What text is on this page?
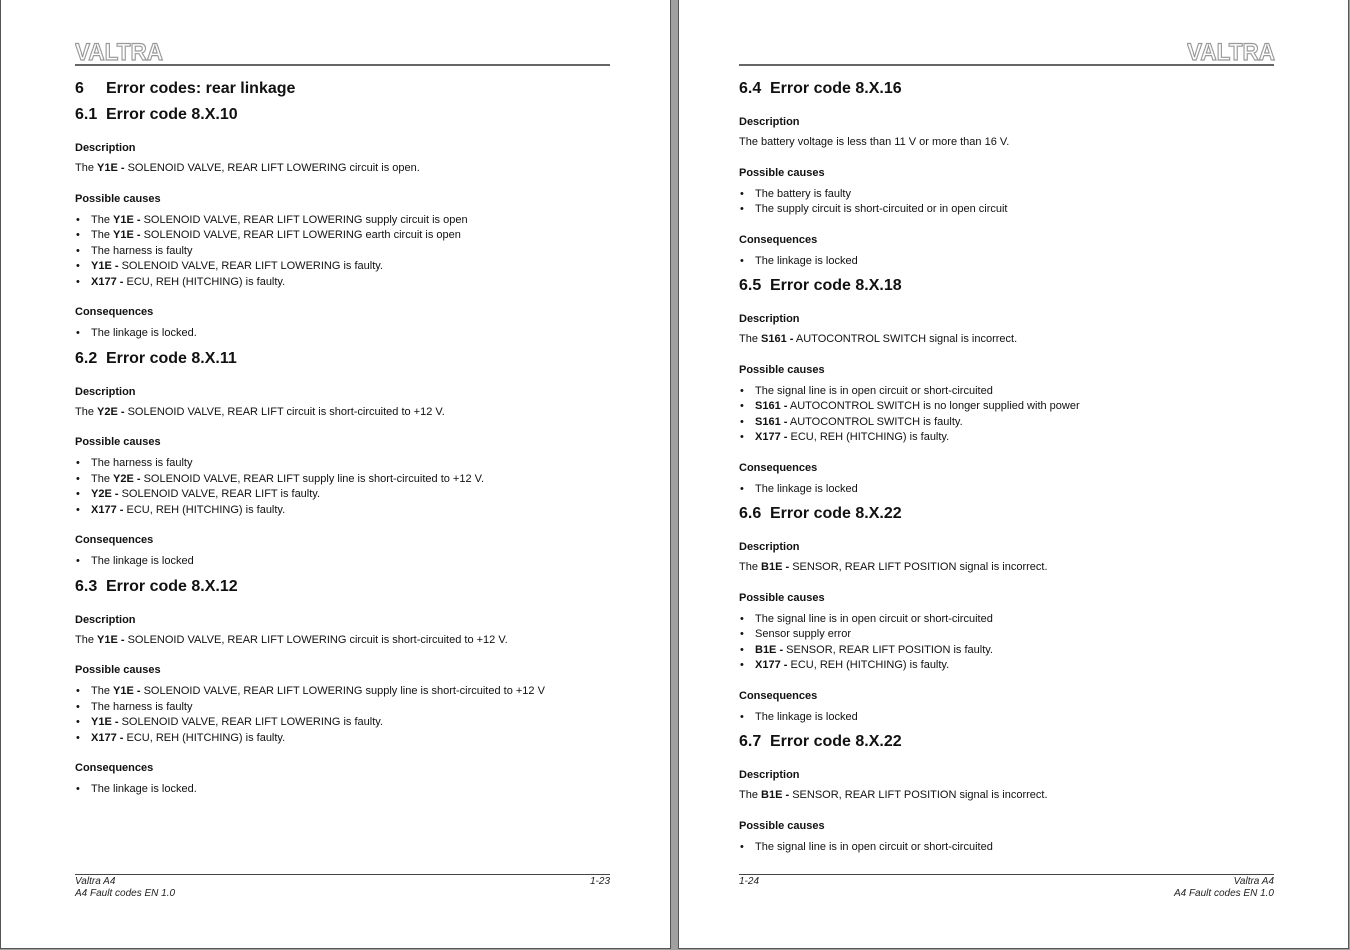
VALTRA
6 Error codes: rear linkage
6.1 Error code 8.X.10
Description
The Y1E - SOLENOID VALVE, REAR LIFT LOWERING circuit is open.
Possible causes
• The Y1E - SOLENOID VALVE, REAR LIFT LOWERING supply circuit is open
• The Y1E - SOLENOID VALVE, REAR LIFT LOWERING earth circuit is open
• The harness is faulty
• Y1E - SOLENOID VALVE, REAR LIFT LOWERING is faulty.
• X177 - ECU, REH (HITCHING) is faulty.
Consequences
• The linkage is locked.
6.2 Error code 8.X.11
Description
The Y2E - SOLENOID VALVE, REAR LIFT circuit is short-circuited to +12 V.
Possible causes
• The harness is faulty
• The Y2E - SOLENOID VALVE, REAR LIFT supply line is short-circuited to +12 V.
• Y2E - SOLENOID VALVE, REAR LIFT is faulty.
• X177 - ECU, REH (HITCHING) is faulty.
Consequences
• The linkage is locked
6.3 Error code 8.X.12
Description
The Y1E - SOLENOID VALVE, REAR LIFT LOWERING circuit is short-circuited to +12 V.
Possible causes
• The Y1E - SOLENOID VALVE, REAR LIFT LOWERING supply line is short-circuited to +12 V
• The harness is faulty
• Y1E - SOLENOID VALVE, REAR LIFT LOWERING is faulty.
• X177 - ECU, REH (HITCHING) is faulty.
Consequences
• The linkage is locked.
Valtra A4
A4 Fault codes EN 1.0
1-23
VALTRA
6.4 Error code 8.X.16
Description
The battery voltage is less than 11 V or more than 16 V.
Possible causes
• The battery is faulty
• The supply circuit is short-circuited or in open circuit
Consequences
• The linkage is locked
6.5 Error code 8.X.18
Description
The S161 - AUTOCONTROL SWITCH signal is incorrect.
Possible causes
• The signal line is in open circuit or short-circuited
• S161 - AUTOCONTROL SWITCH is no longer supplied with power
• S161 - AUTOCONTROL SWITCH is faulty.
• X177 - ECU, REH (HITCHING) is faulty.
Consequences
• The linkage is locked
6.6 Error code 8.X.22
Description
The B1E - SENSOR, REAR LIFT POSITION signal is incorrect.
Possible causes
• The signal line is in open circuit or short-circuited
• Sensor supply error
• B1E - SENSOR, REAR LIFT POSITION is faulty.
• X177 - ECU, REH (HITCHING) is faulty.
Consequences
• The linkage is locked
6.7 Error code 8.X.22
Description
The B1E - SENSOR, REAR LIFT POSITION signal is incorrect.
Possible causes
• The signal line is in open circuit or short-circuited
1-24	Valtra A4
A4 Fault codes EN 1.0
